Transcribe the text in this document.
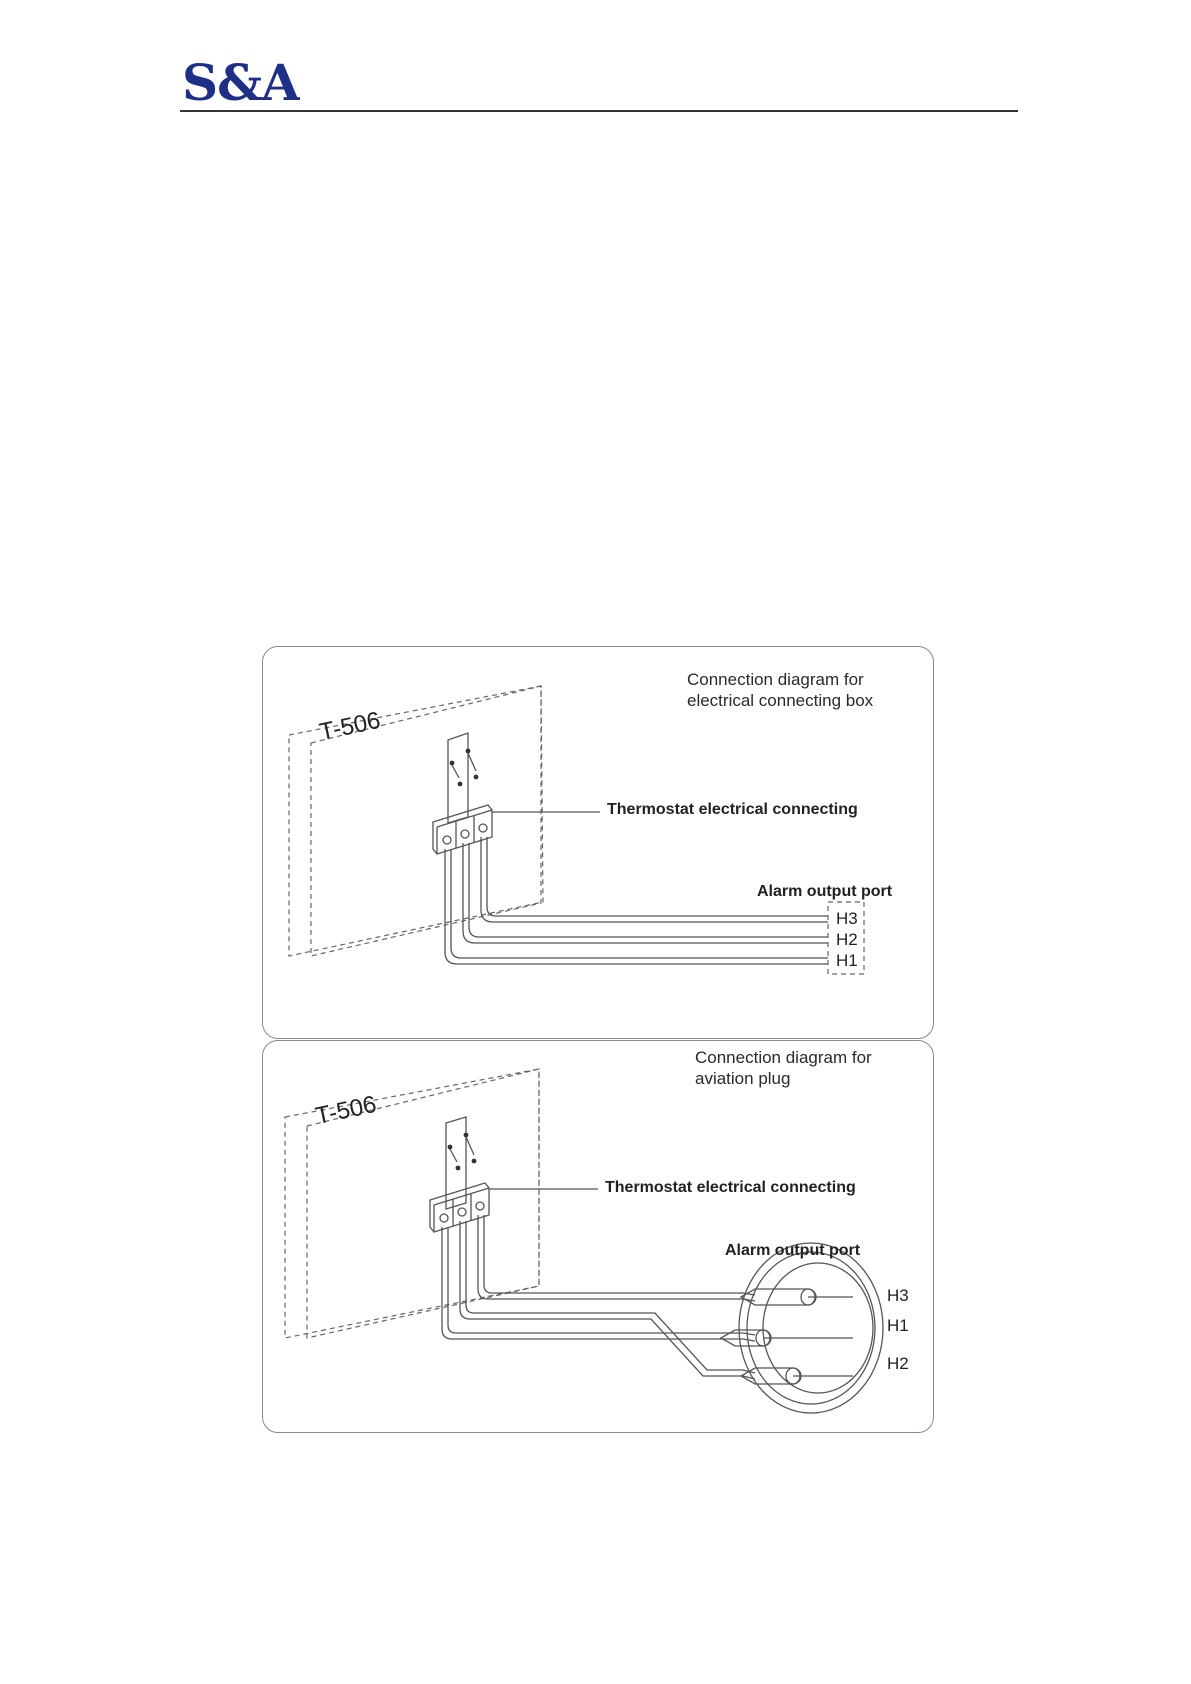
S&A
Connection diagram for
electrical connecting box
T-506
Thermostat electrical connecting
Alarm output port
H3
H2
H1
Connection diagram for
aviation plug
T-506
Thermostat electrical connecting
Alarm output port
H3
H1
H2
